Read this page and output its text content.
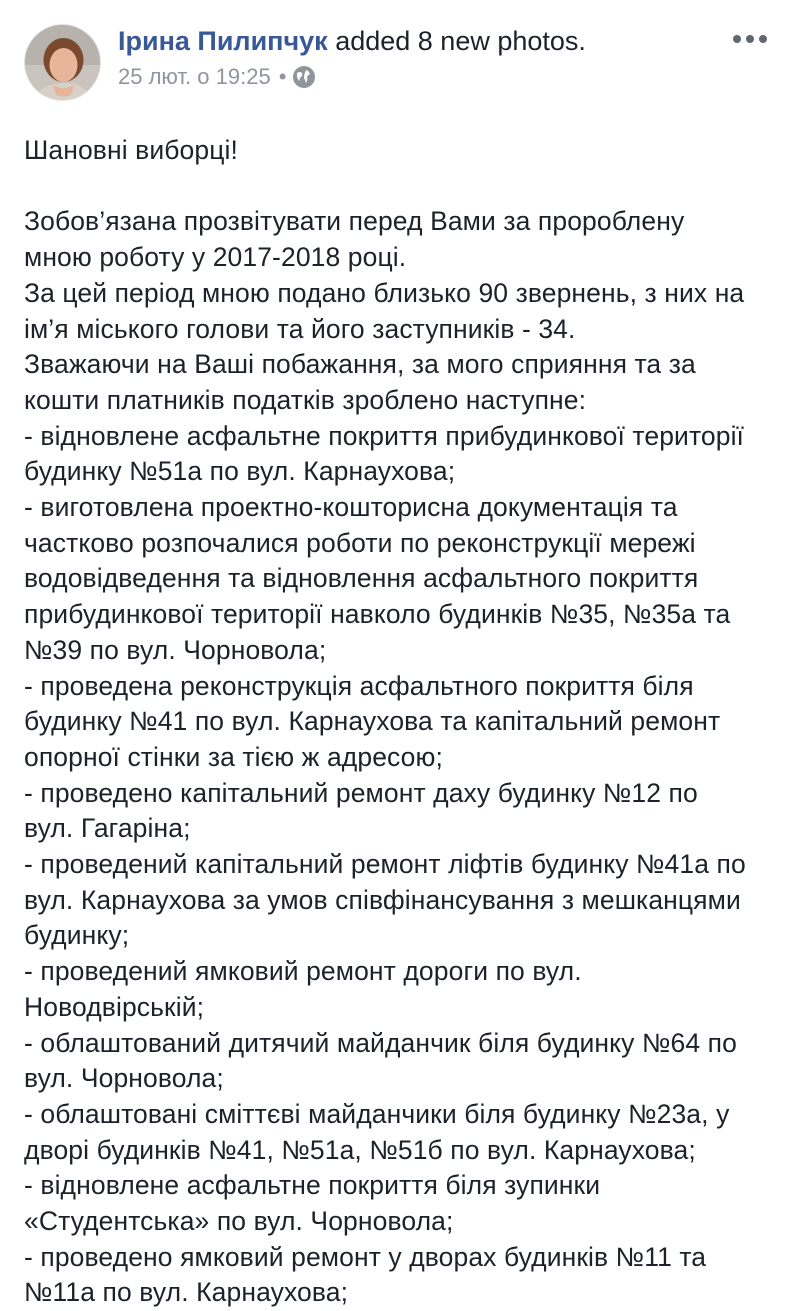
Ірина Пилипчук added 8 new photos.
25 лют. о 19:25 •

Шановні виборці!

Зобов’язана прозвітувати перед Вами за пророблену
мною роботу у 2017-2018 році.
За цей період мною подано близько 90 звернень, з них на
ім’я міського голови та його заступників - 34.
Зважаючи на Ваші побажання, за мого сприяння та за
кошти платників податків зроблено наступне:
- відновлене асфальтне покриття прибудинкової території
будинку №51а по вул. Карнаухова;
- виготовлена проектно-кошторисна документація та
частково розпочалися роботи по реконструкції мережі
водовідведення та відновлення асфальтного покриття
прибудинкової території навколо будинків №35, №35а та
№39 по вул. Чорновола;
- проведена реконструкція асфальтного покриття біля
будинку №41 по вул. Карнаухова та капітальний ремонт
опорної стінки за тією ж адресою;
- проведено капітальний ремонт даху будинку №12 по
вул. Гагаріна;
- проведений капітальний ремонт ліфтів будинку №41а по
вул. Карнаухова за умов співфінансування з мешканцями
будинку;
- проведений ямковий ремонт дороги по вул.
Новодвірській;
- облаштований дитячий майданчик біля будинку №64 по
вул. Чорновола;
- облаштовані сміттєві майданчики біля будинку №23а, у
дворі будинків №41, №51а, №51б по вул. Карнаухова;
- відновлене асфальтне покриття біля зупинки
«Студентська» по вул. Чорновола;
- проведено ямковий ремонт у дворах будинків №11 та
№11а по вул. Карнаухова;
